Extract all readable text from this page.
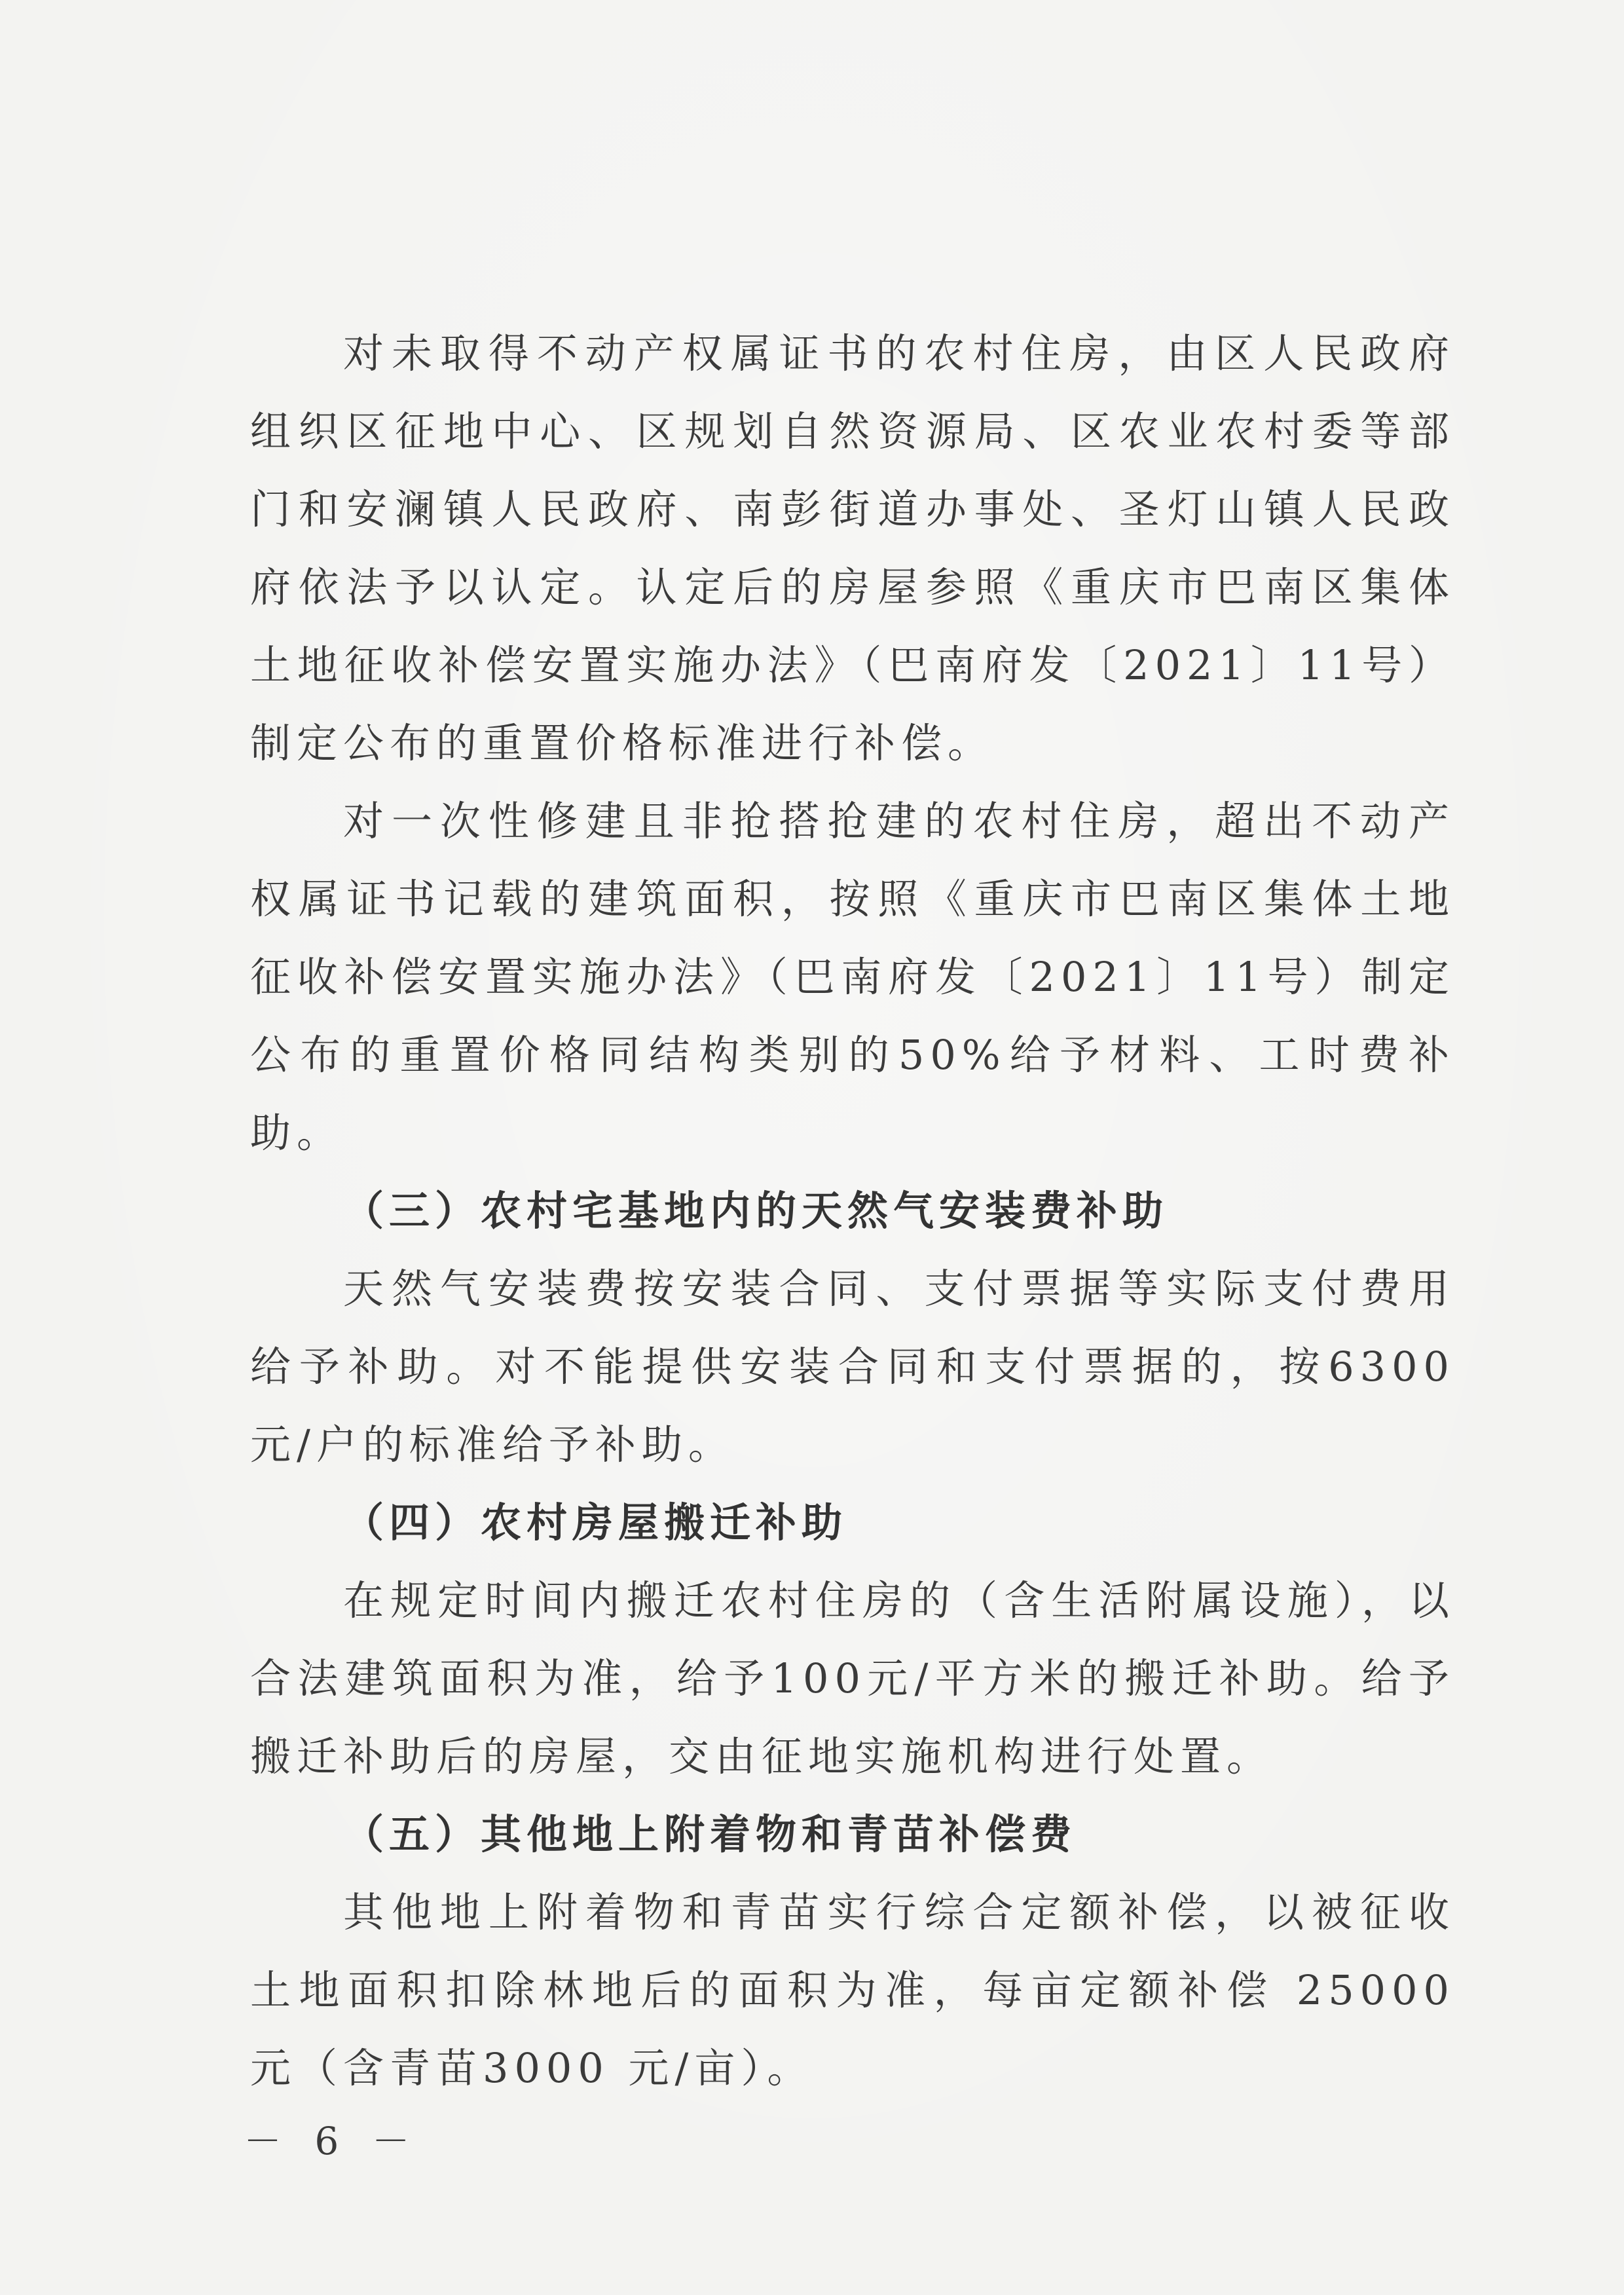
对未取得不动产权属证书的农村住房，由区人民政府组织区征地中心、区规划自然资源局、区农业农村委等部门和安澜镇人民政府、南彭街道办事处、圣灯山镇人民政府依法予以认定。认定后的房屋参照《重庆市巴南区集体土地征收补偿安置实施办法》（巴南府发〔2021〕11号）制定公布的重置价格标准进行补偿。

对一次性修建且非抢搭抢建的农村住房，超出不动产权属证书记载的建筑面积，按照《重庆市巴南区集体土地征收补偿安置实施办法》（巴南府发〔2021〕11号）制定公布的重置价格同结构类别的50%给予材料、工时费补助。

（三）农村宅基地内的天然气安装费补助

天然气安装费按安装合同、支付票据等实际支付费用给予补助。对不能提供安装合同和支付票据的，按6300元/户的标准给予补助。

（四）农村房屋搬迁补助

在规定时间内搬迁农村住房的（含生活附属设施），以合法建筑面积为准，给予100元/平方米的搬迁补助。给予搬迁补助后的房屋，交由征地实施机构进行处置。

（五）其他地上附着物和青苗补偿费

其他地上附着物和青苗实行综合定额补偿，以被征收土地面积扣除林地后的面积为准，每亩定额补偿 25000 元（含青苗3000 元/亩）。

－ 6 －
